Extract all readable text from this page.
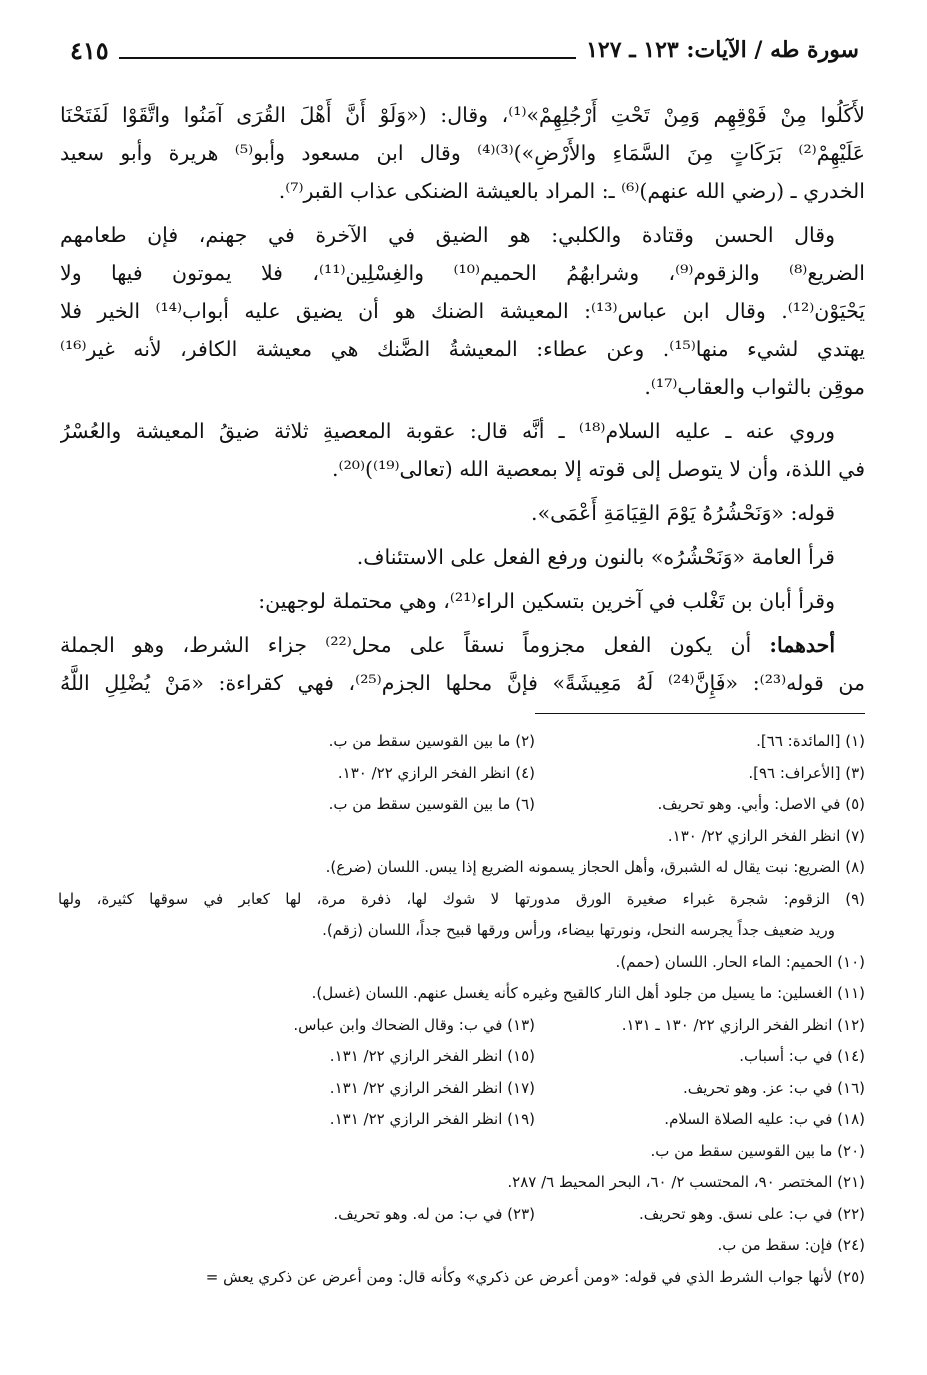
سورة طه / الآيات: ١٢٣ ـ ١٢٧
٤١٥

لأَكَلُوا مِنْ فَوْقِهِم وَمِنْ تَحْتِ أَرْجُلِهِمْ»⁽¹⁾، وقال: («وَلَوْ أَنَّ أَهْلَ القُرَى آمَنُوا واتَّقَوْا لَفَتَحْنَا
عَلَيْهِمْ⁽²⁾ بَرَكَاتٍ مِنَ السَّمَاءِ والأَرْضِ»)⁽³⁾⁽⁴⁾ وقال ابن مسعود وأبو⁽⁵⁾ هريرة وأبو سعيد
الخدري ـ (رضي الله عنهم)⁽⁶⁾ ـ: المراد بالعيشة الضنكى عذاب القبر⁽⁷⁾.

وقال الحسن وقتادة والكلبي: هو الضيق في الآخرة في جهنم، فإن طعامهم
الضريع⁽⁸⁾ والزقوم⁽⁹⁾، وشرابهُمُ الحميم⁽¹⁰⁾ والغِسْلِين⁽¹¹⁾، فلا يموتون فيها ولا
يَحْيَوْن⁽¹²⁾. وقال ابن عباس⁽¹³⁾: المعيشة الضنك هو أن يضيق عليه أبواب⁽¹⁴⁾ الخير فلا
يهتدي لشيء منها⁽¹⁵⁾. وعن عطاء: المعيشةُ الضَّنك هي معيشة الكافر، لأنه غير⁽¹⁶⁾
موقِن بالثواب والعقاب⁽¹⁷⁾.

وروي عنه ـ عليه السلام⁽¹⁸⁾ ـ أنَّه قال: عقوبة المعصيةِ ثلاثة ضيقُ المعيشة والعُسْرُ
في اللذة، وأن لا يتوصل إلى قوته إلا بمعصية الله (تعالى⁽¹⁹⁾)⁽²⁰⁾.

قوله: «وَنَحْشُرُهُ يَوْمَ القِيَامَةِ أَعْمَى».

قرأ العامة «وَنَحْشُرُه» بالنون ورفع الفعل على الاستئناف.

وقرأ أبان بن تَغْلب في آخرين بتسكين الراء⁽²¹⁾، وهي محتملة لوجهين:

أحدهما: أن يكون الفعل مجزوماً نسقاً على محل⁽²²⁾ جزاء الشرط، وهو الجملة
من قوله⁽²³⁾: «فَإِنَّ⁽²⁴⁾ لَهُ مَعِيشَةً» فإنَّ محلها الجزم⁽²⁵⁾، فهي كقراءة: «مَنْ يُضْلِلِ اللَّهُ

(١) [المائدة: ٦٦].
(٢) ما بين القوسين سقط من ب.
(٣) [الأعراف: ٩٦].
(٤) انظر الفخر الرازي ٢٢/ ١٣٠.
(٥) في الاصل: وأبي. وهو تحريف.
(٦) ما بين القوسين سقط من ب.
(٧) انظر الفخر الرازي ٢٢/ ١٣٠.
(٨) الضريع: نبت يقال له الشبرق، وأهل الحجاز يسمونه الضريع إذا يبس. اللسان (ضرع).
(٩) الزقوم: شجرة غبراء صغيرة الورق مدورتها لا شوك لها، ذفرة مرة، لها كعابر في سوقها كثيرة، ولها
وريد ضعيف جداً يجرسه النحل، ونورتها بيضاء، ورأس ورقها قبيح جداً، اللسان (زقم).
(١٠) الحميم: الماء الحار. اللسان (حمم).
(١١) الغسلين: ما يسيل من جلود أهل النار كالقيح وغيره كأنه يغسل عنهم. اللسان (غسل).
(١٢) انظر الفخر الرازي ٢٢/ ١٣٠ ـ ١٣١.
(١٣) في ب: وقال الضحاك وابن عباس.
(١٤) في ب: أسباب.
(١٥) انظر الفخر الرازي ٢٢/ ١٣١.
(١٦) في ب: عز. وهو تحريف.
(١٧) انظر الفخر الرازي ٢٢/ ١٣١.
(١٨) في ب: عليه الصلاة السلام.
(١٩) انظر الفخر الرازي ٢٢/ ١٣١.
(٢٠) ما بين القوسين سقط من ب.
(٢١) المختصر ٩٠، المحتسب ٢/ ٦٠، البحر المحيط ٦/ ٢٨٧.
(٢٢) في ب: على نسق. وهو تحريف.
(٢٣) في ب: من له. وهو تحريف.
(٢٤) فإن: سقط من ب.
(٢٥) لأنها جواب الشرط الذي في قوله: «ومن أعرض عن ذكري» وكأنه قال: ومن أعرض عن ذكري يعش =
